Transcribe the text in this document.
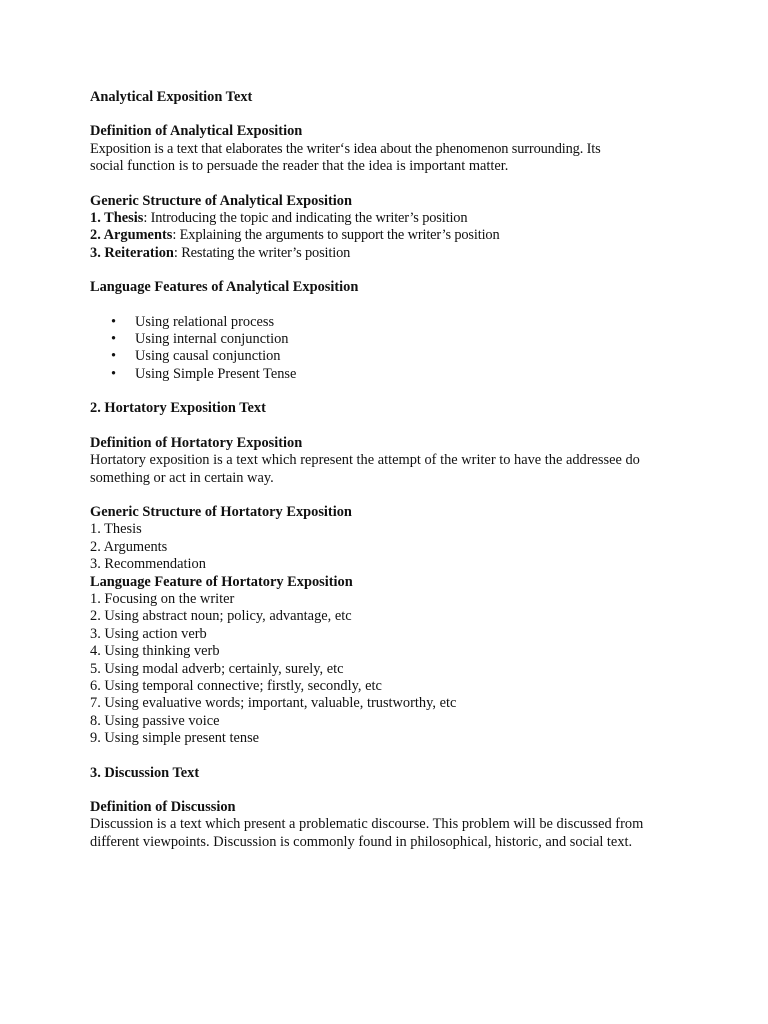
Analytical Exposition Text

Definition of Analytical Exposition

Exposition is a text that elaborates the writer‘s idea about the phenomenon surrounding. Its

social function is to persuade the reader that the idea is important matter.

Generic Structure of Analytical Exposition

1. Thesis: Introducing the topic and indicating the writer’s position

2. Arguments: Explaining the arguments to support the writer’s position

3. Reiteration: Restating the writer’s position

Language Features of Analytical Exposition

• Using relational process
• Using internal conjunction
• Using causal conjunction
• Using Simple Present Tense

2. Hortatory Exposition Text

Definition of Hortatory Exposition

Hortatory exposition is a text which represent the attempt of the writer to have the addressee do

something or act in certain way.

Generic Structure of Hortatory Exposition

1. Thesis

2. Arguments

3. Recommendation

Language Feature of Hortatory Exposition

1. Focusing on the writer

2. Using abstract noun; policy, advantage, etc

3. Using action verb

4. Using thinking verb

5. Using modal adverb; certainly, surely, etc

6. Using temporal connective; firstly, secondly, etc

7. Using evaluative words; important, valuable, trustworthy, etc

8. Using passive voice

9. Using simple present tense

3. Discussion Text

Definition of Discussion

Discussion is a text which present a problematic discourse. This problem will be discussed from

different viewpoints. Discussion is commonly found in philosophical, historic, and social text.
